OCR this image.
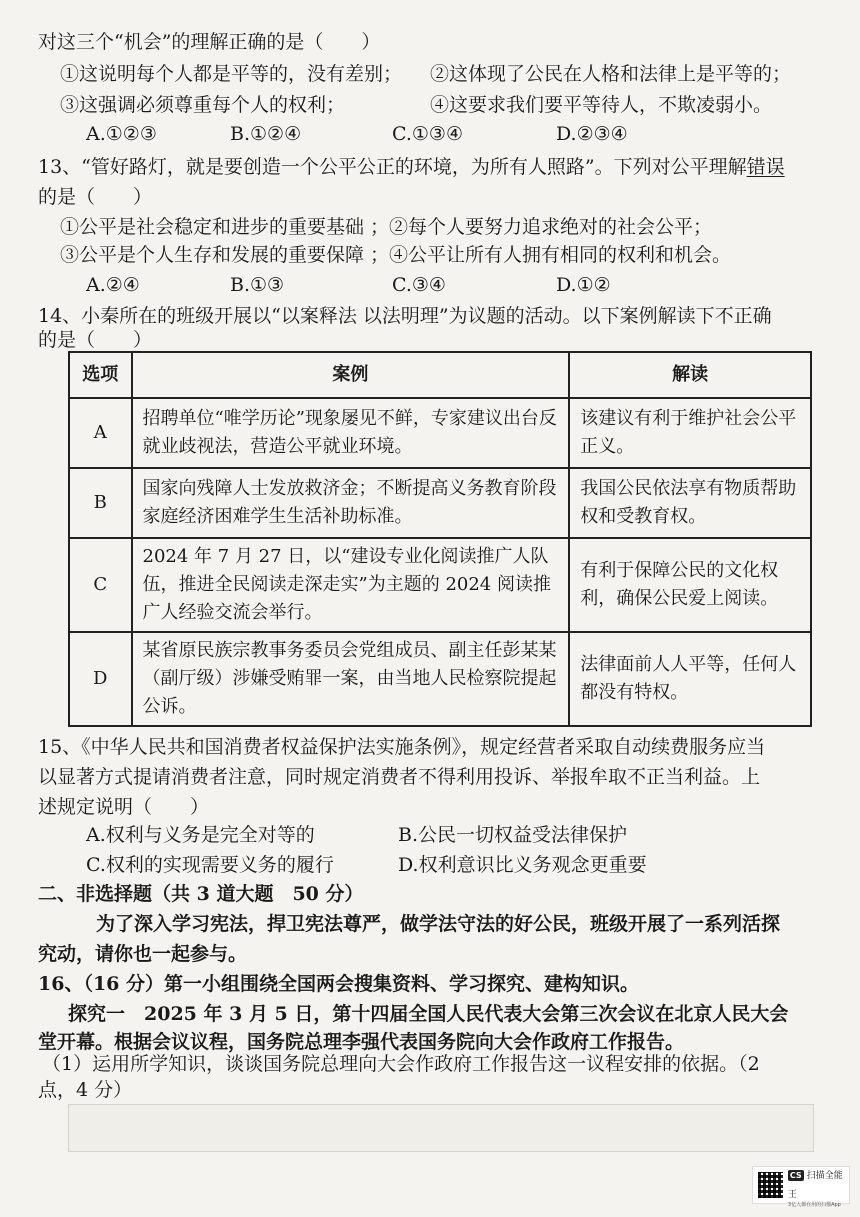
对这三个“机会”的理解正确的是（　　）
①这说明每个人都是平等的，没有差别； ②这体现了公民在人格和法律上是平等的；
③这强调必须尊重每个人的权利；	④这要求我们要平等待人，不欺凌弱小。
A.①②③	B.①②④	C.①③④	D.②③④
13、“管好路灯，就是要创造一个公平公正的环境，为所有人照路”。下列对公平理解错误
的是（　　）
①公平是社会稳定和进步的重要基础 ；②每个人要努力追求绝对的社会公平；
③公平是个人生存和发展的重要保障 ；④公平让所有人拥有相同的权利和机会。
A.②④	B.①③	C.③④	D.①②
14、小秦所在的班级开展以“以案释法 以法明理”为议题的活动。以下案例解读下不正确
的是（　　）
选项	案例	解读
A	招聘单位“唯学历论”现象屡见不鲜，专家建议出台反就业歧视法，营造公平就业环境。	该建议有利于维护社会公平正义。
B	国家向残障人士发放救济金；不断提高义务教育阶段家庭经济困难学生生活补助标准。	我国公民依法享有物质帮助权和受教育权。
C	2024 年 7 月 27 日，以“建设专业化阅读推广人队伍，推进全民阅读走深走实”为主题的 2024 阅读推广人经验交流会举行。	有利于保障公民的文化权利，确保公民爱上阅读。
D	某省原民族宗教事务委员会党组成员、副主任彭某某（副厅级）涉嫌受贿罪一案，由当地人民检察院提起公诉。	法律面前人人平等，任何人都没有特权。
15、《中华人民共和国消费者权益保护法实施条例》，规定经营者采取自动续费服务应当
以显著方式提请消费者注意，同时规定消费者不得利用投诉、举报牟取不正当利益。上
述规定说明（　　）
A.权利与义务是完全对等的	B.公民一切权益受法律保护
C.权利的实现需要义务的履行	D.权利意识比义务观念更重要
二、非选择题（共 3 道大题　50 分）
为了深入学习宪法，捍卫宪法尊严，做学法守法的好公民，班级开展了一系列活探
究动，请你也一起参与。
16、（16 分）第一小组围绕全国两会搜集资料、学习探究、建构知识。
探究一　2025 年 3 月 5 日，第十四届全国人民代表大会第三次会议在北京人民大会
堂开幕。根据会议议程，国务院总理李强代表国务院向大会作政府工作报告。
（1）运用所学知识，谈谈国务院总理向大会作政府工作报告这一议程安排的依据。（2
点，4 分）
CS 扫描全能王
3亿人都在用的扫描App
